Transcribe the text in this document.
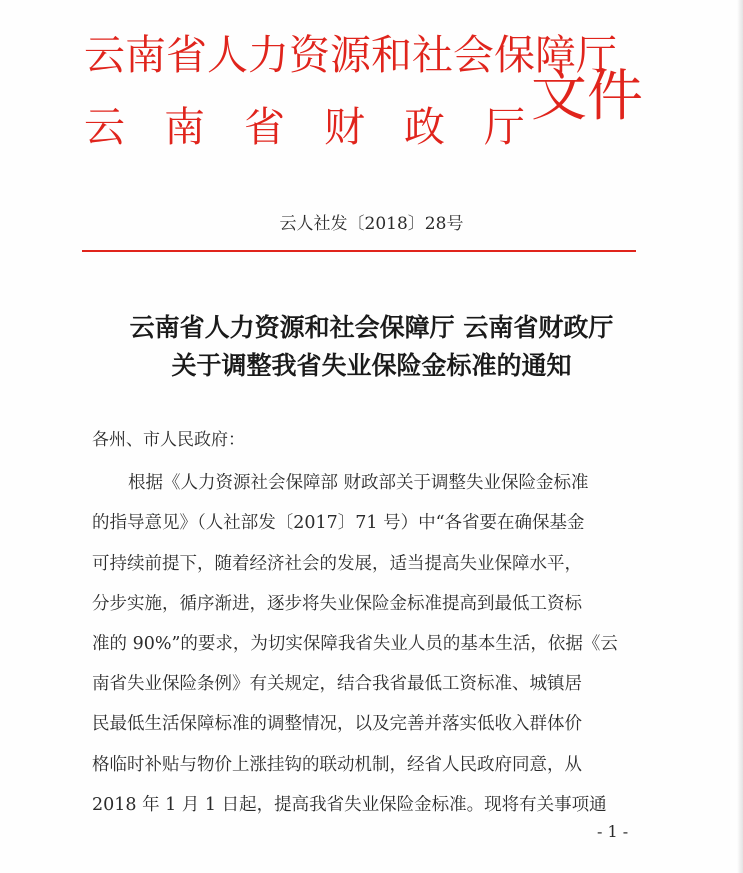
云南省人力资源和社会保障厅
云南省财政厅
文件
云人社发〔2018〕28号
云南省人力资源和社会保障厅 云南省财政厅
关于调整我省失业保险金标准的通知
各州、市人民政府：
根据《人力资源社会保障部 财政部关于调整失业保险金标准
的指导意见》（人社部发〔2017〕71 号）中“各省要在确保基金
可持续前提下，随着经济社会的发展，适当提高失业保障水平，
分步实施，循序渐进，逐步将失业保险金标准提高到最低工资标
准的 90%”的要求，为切实保障我省失业人员的基本生活，依据《云
南省失业保险条例》有关规定，结合我省最低工资标准、城镇居
民最低生活保障标准的调整情况，以及完善并落实低收入群体价
格临时补贴与物价上涨挂钩的联动机制，经省人民政府同意，从
2018 年 1 月 1 日起，提高我省失业保险金标准。现将有关事项通
- 1 -
